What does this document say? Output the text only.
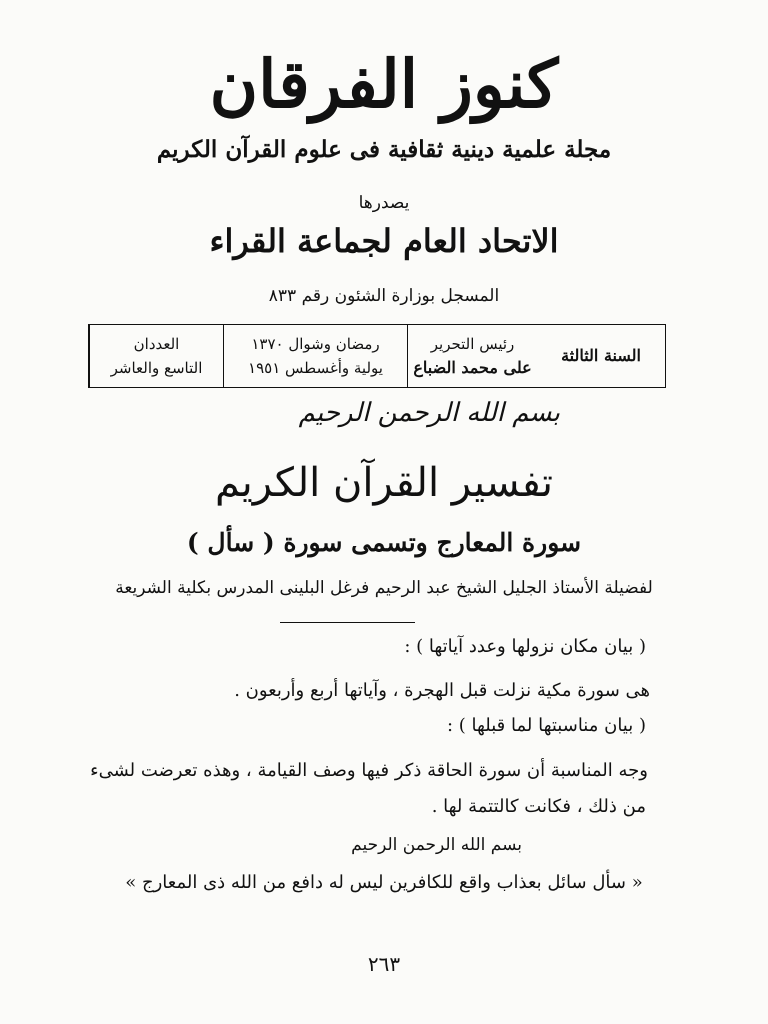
كنوز الفرقان
مجلة علمية دينية ثقافية فى علوم القرآن الكريم
يصدرها
الاتحاد العام لجماعة القراء
المسجل بوزارة الشئون رقم ٨٣٣
العددان
التاسع والعاشر
رمضان وشوال ١٣٧٠
يولية وأغسطس ١٩٥١
رئيس التحرير
على محمد الضباع
السنة الثالثة
بسم الله الرحمن الرحيم
تفسير القرآن الكريم
سورة المعارج وتسمى سورة ( سأل )
لفضيلة الأستاذ الجليل الشيخ عبد الرحيم فرغل البلينى المدرس بكلية الشريعة
( بيان مكان نزولها وعدد آياتها ) :
هى سورة مكية نزلت قبل الهجرة ، وآياتها أربع وأربعون .
( بيان مناسبتها لما قبلها ) :
وجه المناسبة أن سورة الحاقة ذكر فيها وصف القيامة ، وهذه تعرضت لشىء
من ذلك ، فكانت كالتتمة لها .
بسم الله الرحمن الرحيم
« سأل سائل بعذاب واقع للكافرين ليس له دافع من الله ذى المعارج »
٢٦٣
